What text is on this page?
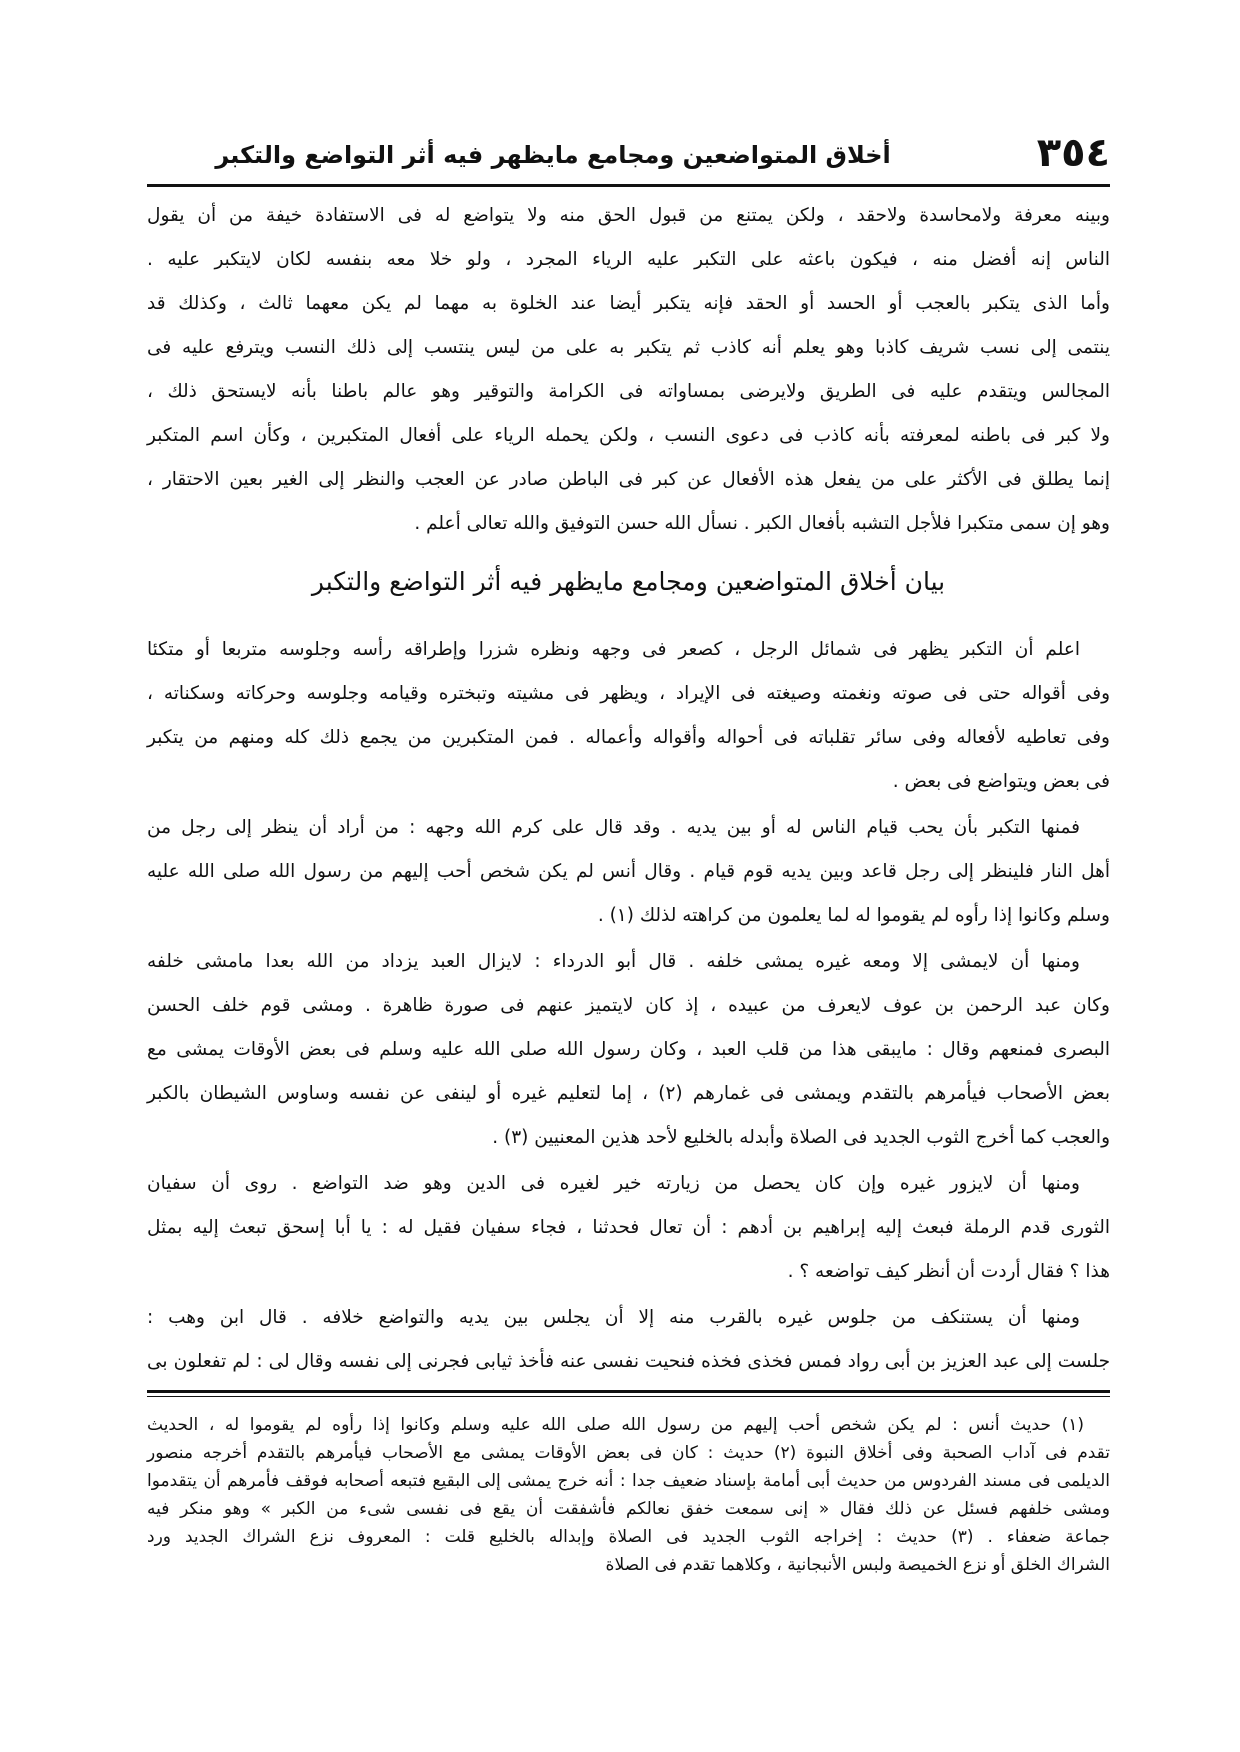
٣٥٤
أخلاق المتواضعين ومجامع مايظهر فيه أثر التواضع والتكبر
وبينه معرفة ولامحاسدة ولاحقد ، ولكن يمتنع من قبول الحق منه ولا يتواضع له فى الاستفادة خيفة من أن يقول
الناس إنه أفضل منه ، فيكون باعثه على التكبر عليه الرياء المجرد ، ولو خلا معه بنفسه لكان لايتكبر عليه .
وأما الذى يتكبر بالعجب أو الحسد أو الحقد فإنه يتكبر أيضا عند الخلوة به مهما لم يكن معهما ثالث ، وكذلك قد
ينتمى إلى نسب شريف كاذبا وهو يعلم أنه كاذب ثم يتكبر به على من ليس ينتسب إلى ذلك النسب ويترفع عليه فى
المجالس ويتقدم عليه فى الطريق ولايرضى بمساواته فى الكرامة والتوقير وهو عالم باطنا بأنه لايستحق ذلك ،
ولا كبر فى باطنه لمعرفته بأنه كاذب فى دعوى النسب ، ولكن يحمله الرياء على أفعال المتكبرين ، وكأن اسم المتكبر
إنما يطلق فى الأكثر على من يفعل هذه الأفعال عن كبر فى الباطن صادر عن العجب والنظر إلى الغير بعين الاحتقار ،
وهو إن سمى متكبرا فلأجل التشبه بأفعال الكبر . نسأل الله حسن التوفيق والله تعالى أعلم .
بيان أخلاق المتواضعين ومجامع مايظهر فيه أثر التواضع والتكبر
اعلم أن التكبر يظهر فى شمائل الرجل ، كصعر فى وجهه ونظره شزرا وإطراقه رأسه وجلوسه متربعا أو متكئا
وفى أقواله حتى فى صوته ونغمته وصيغته فى الإيراد ، ويظهر فى مشيته وتبختره وقيامه وجلوسه وحركاته وسكناته ،
وفى تعاطيه لأفعاله وفى سائر تقلباته فى أحواله وأقواله وأعماله . فمن المتكبرين من يجمع ذلك كله ومنهم من يتكبر
فى بعض ويتواضع فى بعض .
فمنها التكبر بأن يحب قيام الناس له أو بين يديه . وقد قال على كرم الله وجهه : من أراد أن ينظر إلى رجل من
أهل النار فلينظر إلى رجل قاعد وبين يديه قوم قيام . وقال أنس لم يكن شخص أحب إليهم من رسول الله صلى الله عليه
وسلم وكانوا إذا رأوه لم يقوموا له لما يعلمون من كراهته لذلك (١) .
ومنها أن لايمشى إلا ومعه غيره يمشى خلفه . قال أبو الدرداء : لايزال العبد يزداد من الله بعدا مامشى خلفه
وكان عبد الرحمن بن عوف لايعرف من عبيده ، إذ كان لايتميز عنهم فى صورة ظاهرة . ومشى قوم خلف الحسن
البصرى فمنعهم وقال : مايبقى هذا من قلب العبد ، وكان رسول الله صلى الله عليه وسلم فى بعض الأوقات يمشى مع
بعض الأصحاب فيأمرهم بالتقدم ويمشى فى غمارهم (٢) ، إما لتعليم غيره أو لينفى عن نفسه وساوس الشيطان بالكبر
والعجب كما أخرج الثوب الجديد فى الصلاة وأبدله بالخليع لأحد هذين المعنيين (٣) .
ومنها أن لايزور غيره وإن كان يحصل من زيارته خير لغيره فى الدين وهو ضد التواضع . روى أن سفيان
الثورى قدم الرملة فبعث إليه إبراهيم بن أدهم : أن تعال فحدثنا ، فجاء سفيان فقيل له : يا أبا إسحق تبعث إليه بمثل
هذا ؟ فقال أردت أن أنظر كيف تواضعه ؟ .
ومنها أن يستنكف من جلوس غيره بالقرب منه إلا أن يجلس بين يديه والتواضع خلافه . قال ابن وهب :
جلست إلى عبد العزيز بن أبى رواد فمس فخذى فخذه فنحيت نفسى عنه فأخذ ثيابى فجرنى إلى نفسه وقال لى : لم تفعلون بى
(١) حديث أنس : لم يكن شخص أحب إليهم من رسول الله صلى الله عليه وسلم وكانوا إذا رأوه لم يقوموا له ، الحديث
تقدم فى آداب الصحبة وفى أخلاق النبوة (٢) حديث : كان فى بعض الأوقات يمشى مع الأصحاب فيأمرهم بالتقدم أخرجه منصور
الديلمى فى مسند الفردوس من حديث أبى أمامة بإسناد ضعيف جدا : أنه خرج يمشى إلى البقيع فتبعه أصحابه فوقف فأمرهم أن يتقدموا
ومشى خلفهم فسئل عن ذلك فقال « إنى سمعت خفق نعالكم فأشفقت أن يقع فى نفسى شىء من الكبر » وهو منكر فيه
جماعة ضعفاء . (٣) حديث : إخراجه الثوب الجديد فى الصلاة وإبداله بالخليع قلت : المعروف نزع الشراك الجديد ورد
الشراك الخلق أو نزع الخميصة ولبس الأنبجانية ، وكلاهما تقدم فى الصلاة
